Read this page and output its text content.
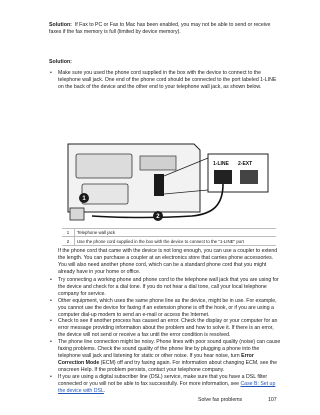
Solution: If Fax to PC or Fax to Mac has been enabled, you may not be able to send or receive faxes if the fax memory is full (limited by device memory).

Solution:

• Make sure you used the phone cord supplied in the box with the device to connect to the telephone wall jack. One end of the phone cord should be connected to the port labeled 1-LINE on the back of the device and the other end to your telephone wall jack, as shown below.
1-LINE 2-EXT
1
2
1	Telephone wall jack
2	Use the phone cord supplied in the box with the device to connect to the "1-LINE" port

If the phone cord that came with the device is not long enough, you can use a coupler to extend the length. You can purchase a coupler at an electronics store that carries phone accessories. You will also need another phone cord, which can be a standard phone cord that you might already have in your home or office.

• Try connecting a working phone and phone cord to the telephone wall jack that you are using for the device and check for a dial tone. If you do not hear a dial tone, call your local telephone company for service.
• Other equipment, which uses the same phone line as the device, might be in use. For example, you cannot use the device for faxing if an extension phone is off the hook, or if you are using a computer dial-up modem to send an e-mail or access the Internet.
• Check to see if another process has caused an error. Check the display or your computer for an error message providing information about the problem and how to solve it. If there is an error, the device will not send or receive a fax until the error condition is resolved.
• The phone line connection might be noisy. Phone lines with poor sound quality (noise) can cause faxing problems. Check the sound quality of the phone line by plugging a phone into the telephone wall jack and listening for static or other noise. If you hear noise, turn Error Correction Mode (ECM) off and try faxing again. For information about changing ECM, see the onscreen Help. If the problem persists, contact your telephone company.
• If you are using a digital subscriber line (DSL) service, make sure that you have a DSL filter connected or you will not be able to fax successfully. For more information, see Case B: Set up the device with DSL.
Solve fax problems	107
